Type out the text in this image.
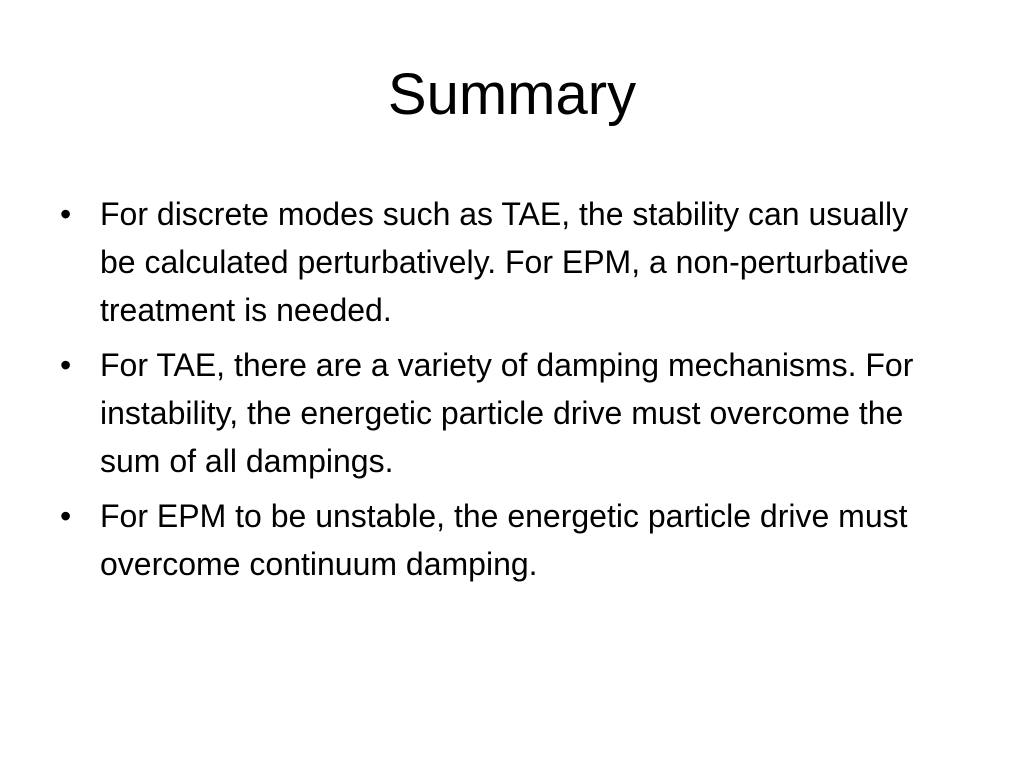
Summary
• For discrete modes such as TAE, the stability can usually be calculated perturbatively. For EPM, a non-perturbative treatment is needed.
• For TAE, there are a variety of damping mechanisms. For instability, the energetic particle drive must overcome the sum of all dampings.
• For EPM to be unstable, the energetic particle drive must overcome continuum damping.
